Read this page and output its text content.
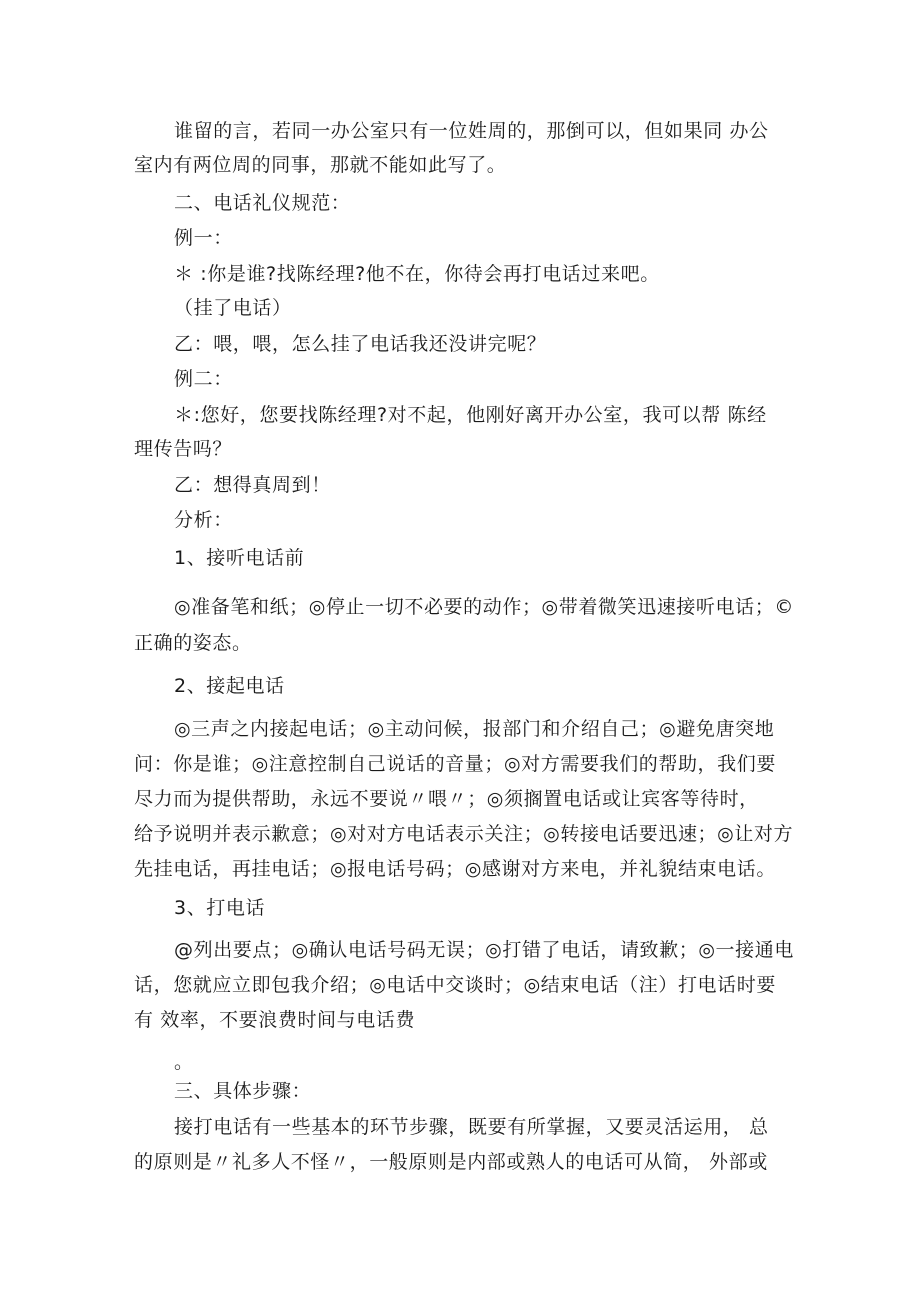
谁留的言，若同一办公室只有一位姓周的，那倒可以，但如果同 办公
室内有两位周的同事，那就不能如此写了。
二、电话礼仪规范：
例一：
＊ :你是谁?找陈经理?他不在，你待会再打电话过来吧。
（挂了电话）
乙：喂，喂，怎么挂了电话我还没讲完呢？
例二：
＊:您好，您要找陈经理?对不起，他刚好离开办公室，我可以帮 陈经
理传告吗？
乙：想得真周到！
分析：
1、接听电话前
◎准备笔和纸；◎停止一切不必要的动作；◎带着微笑迅速接听电话；©
正确的姿态。
2、接起电话
◎三声之内接起电话；◎主动问候，报部门和介绍自己；◎避免唐突地
问：你是谁；◎注意控制自己说话的音量；◎对方需要我们的帮助，我们要
尽力而为提供帮助，永远不要说〃喂〃；◎须搁置电话或让宾客等待时，
给予说明并表示歉意；◎对对方电话表示关注；◎转接电话要迅速；◎让对方
先挂电话，再挂电话；◎报电话号码；◎感谢对方来电，并礼貌结束电话。
3、打电话
@列出要点；◎确认电话号码无误；◎打错了电话，请致歉；◎一接通电
话，您就应立即包我介绍；◎电话中交谈时；◎结束电话（注）打电话时要
有 效率，不要浪费时间与电话费
。
三、具体步骤：
接打电话有一些基本的环节步骤，既要有所掌握，又要灵活运用， 总
的原则是〃礼多人不怪〃，一般原则是内部或熟人的电话可从简， 外部或
